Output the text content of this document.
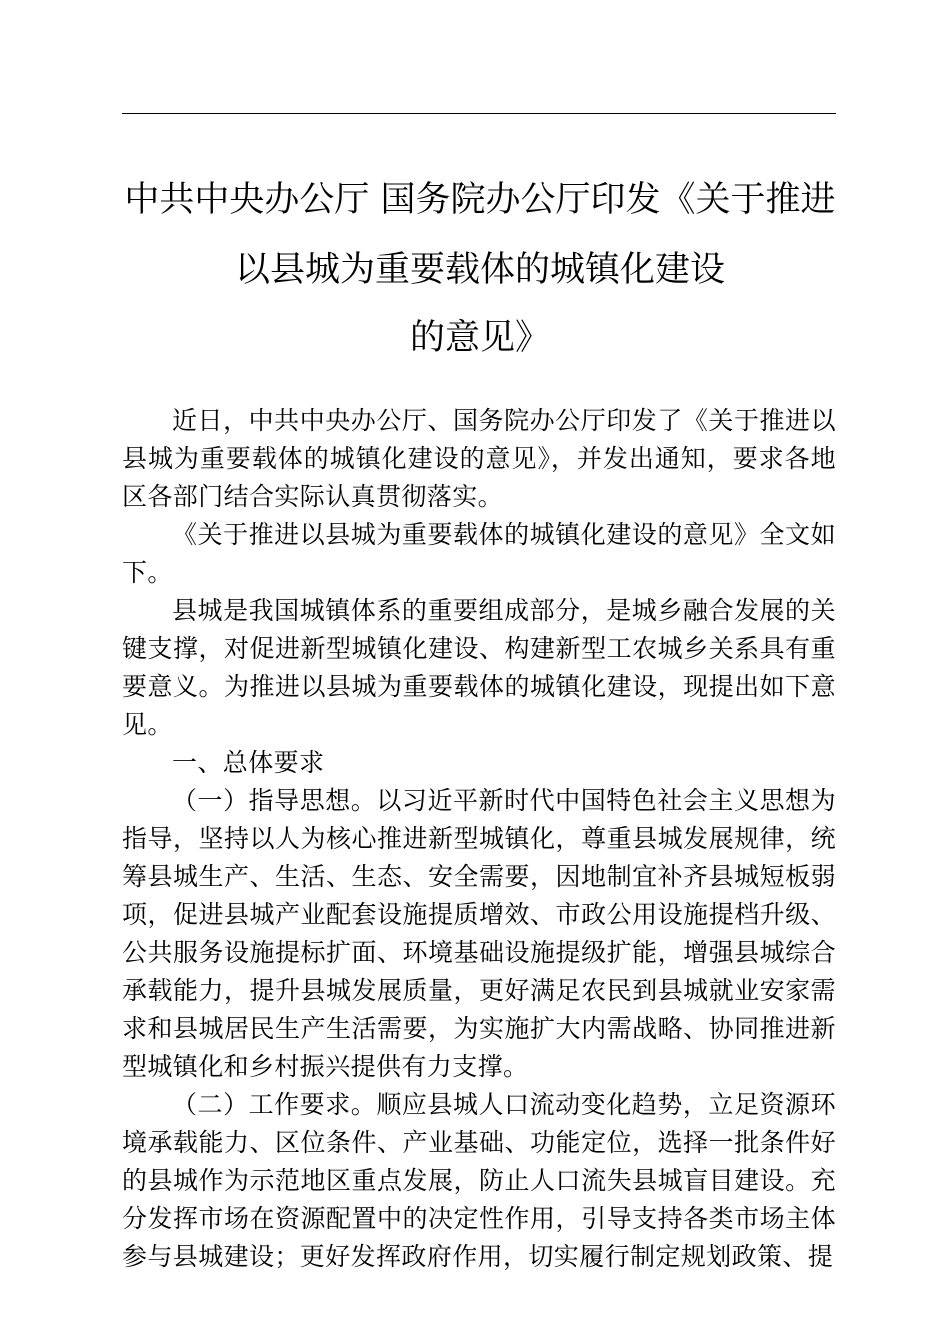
中共中央办公厅 国务院办公厅印发《关于推进
以县城为重要载体的城镇化建设
的意见》

近日，中共中央办公厅、国务院办公厅印发了《关于推进以县城为重要载体的城镇化建设的意见》，并发出通知，要求各地区各部门结合实际认真贯彻落实。

《关于推进以县城为重要载体的城镇化建设的意见》全文如下。

县城是我国城镇体系的重要组成部分，是城乡融合发展的关键支撑，对促进新型城镇化建设、构建新型工农城乡关系具有重要意义。为推进以县城为重要载体的城镇化建设，现提出如下意见。

一、总体要求

（一）指导思想。以习近平新时代中国特色社会主义思想为指导，坚持以人为核心推进新型城镇化，尊重县城发展规律，统筹县城生产、生活、生态、安全需要，因地制宜补齐县城短板弱项，促进县城产业配套设施提质增效、市政公用设施提档升级、公共服务设施提标扩面、环境基础设施提级扩能，增强县城综合承载能力，提升县城发展质量，更好满足农民到县城就业安家需求和县城居民生产生活需要，为实施扩大内需战略、协同推进新型城镇化和乡村振兴提供有力支撑。

（二）工作要求。顺应县城人口流动变化趋势，立足资源环境承载能力、区位条件、产业基础、功能定位，选择一批条件好的县城作为示范地区重点发展，防止人口流失县城盲目建设。充分发挥市场在资源配置中的决定性作用，引导支持各类市场主体参与县城建设；更好发挥政府作用，切实履行制定规划政策、提
